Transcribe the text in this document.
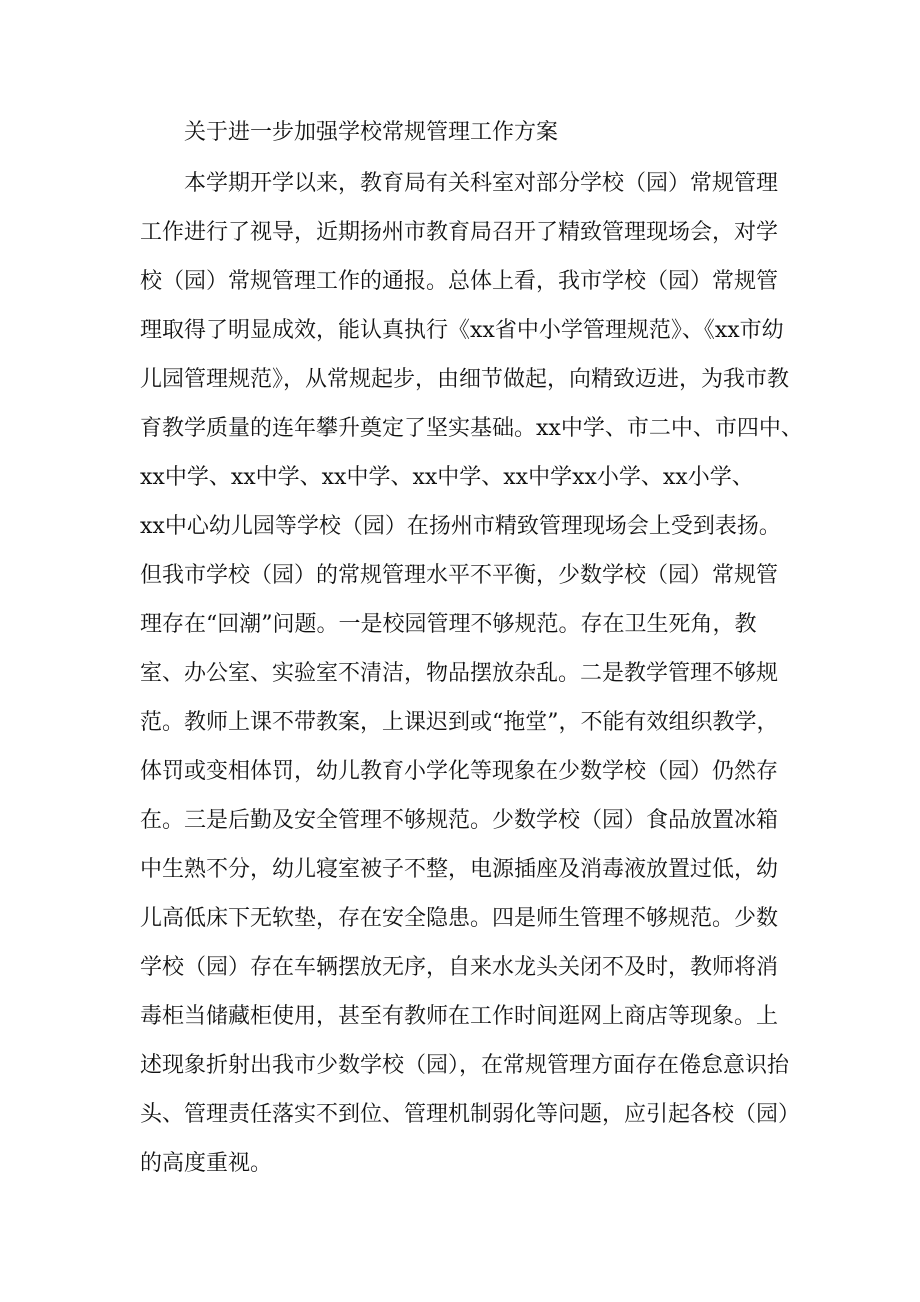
关于进一步加强学校常规管理工作方案
本学期开学以来，教育局有关科室对部分学校（园）常规管理
工作进行了视导，近期扬州市教育局召开了精致管理现场会，对学
校（园）常规管理工作的通报。总体上看，我市学校（园）常规管
理取得了明显成效，能认真执行《xx省中小学管理规范》、《xx市幼
儿园管理规范》，从常规起步，由细节做起，向精致迈进，为我市教
育教学质量的连年攀升奠定了坚实基础。xx中学、市二中、市四中、
xx中学、xx中学、xx中学、xx中学、xx中学xx小学、xx小学、
xx中心幼儿园等学校（园）在扬州市精致管理现场会上受到表扬。
但我市学校（园）的常规管理水平不平衡，少数学校（园）常规管
理存在“回潮”问题。一是校园管理不够规范。存在卫生死角，教
室、办公室、实验室不清洁，物品摆放杂乱。二是教学管理不够规
范。教师上课不带教案，上课迟到或“拖堂”，不能有效组织教学，
体罚或变相体罚，幼儿教育小学化等现象在少数学校（园）仍然存
在。三是后勤及安全管理不够规范。少数学校（园）食品放置冰箱
中生熟不分，幼儿寝室被子不整，电源插座及消毒液放置过低，幼
儿高低床下无软垫，存在安全隐患。四是师生管理不够规范。少数
学校（园）存在车辆摆放无序，自来水龙头关闭不及时，教师将消
毒柜当储藏柜使用，甚至有教师在工作时间逛网上商店等现象。上
述现象折射出我市少数学校（园），在常规管理方面存在倦怠意识抬
头、管理责任落实不到位、管理机制弱化等问题，应引起各校（园）
的高度重视。
